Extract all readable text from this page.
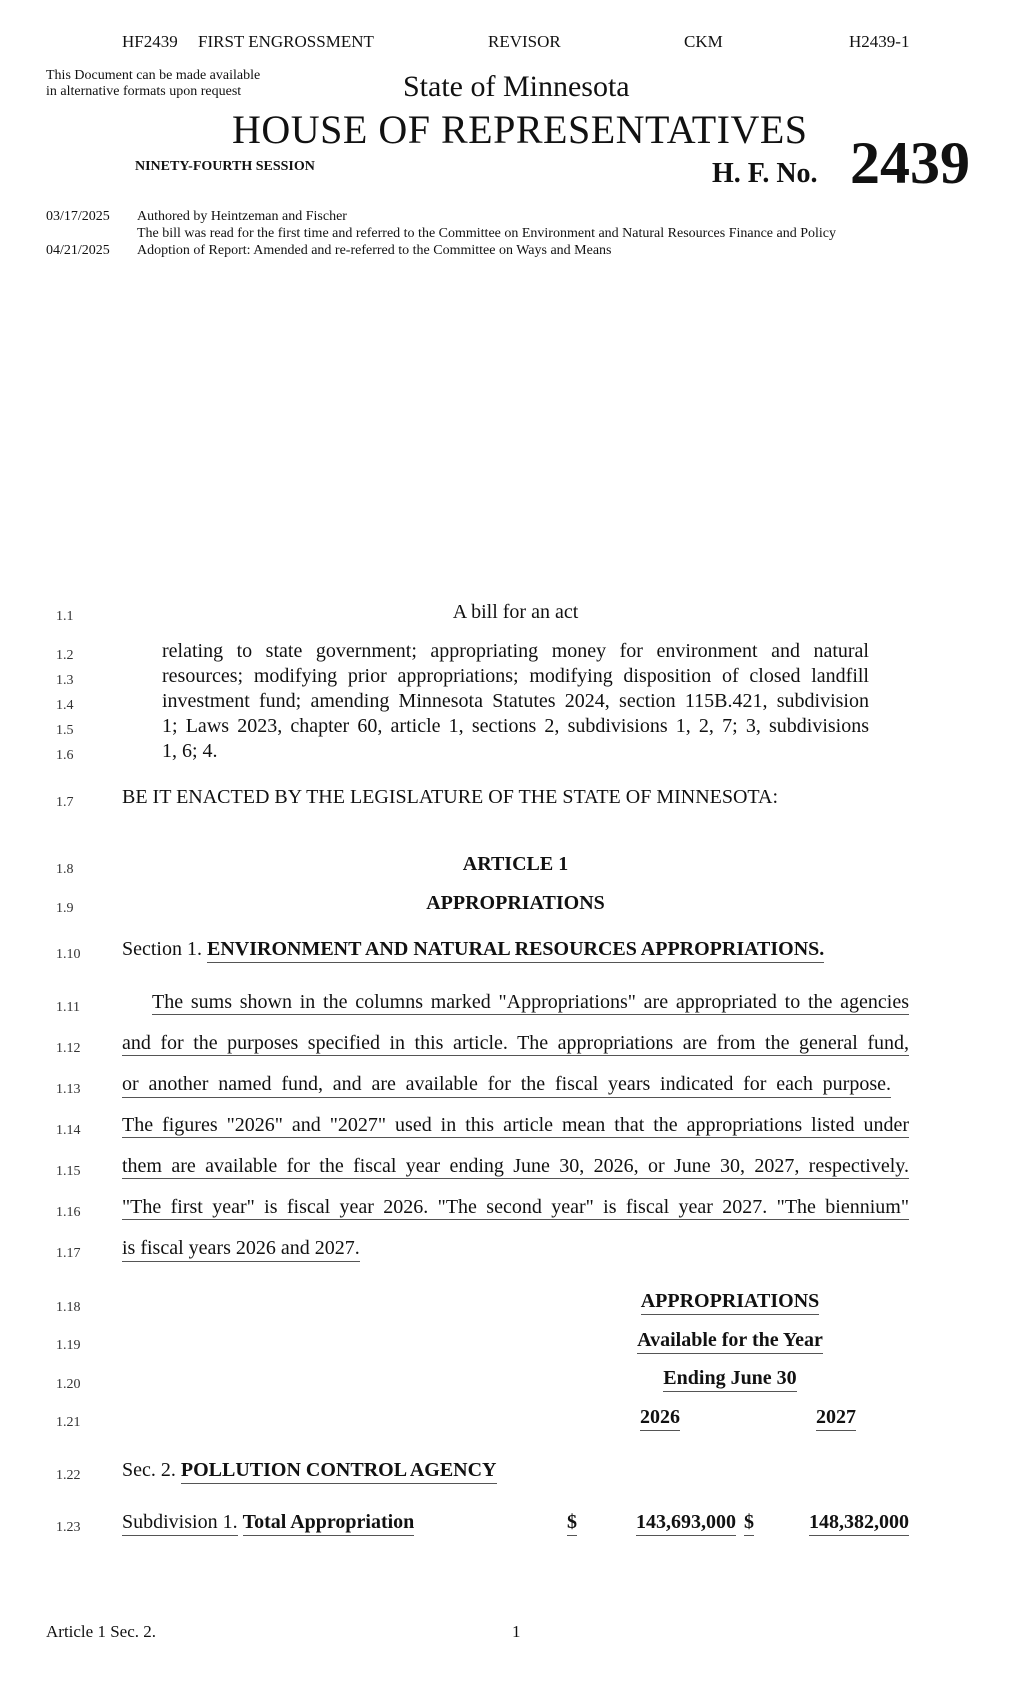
HF2439 FIRST ENGROSSMENT	REVISOR	CKM	H2439-1
This Document can be made available
in alternative formats upon request	State of Minnesota
HOUSE OF REPRESENTATIVES
NINETY-FOURTH SESSION	H. F. No. 2439
03/17/2025 Authored by Heintzeman and Fischer
The bill was read for the first time and referred to the Committee on Environment and Natural Resources Finance and Policy
04/21/2025 Adoption of Report: Amended and re-referred to the Committee on Ways and Means
1.1
1.2
1.3
1.4
1.5
1.6
1.7
1.8
1.9
1.10
1.11
1.12
1.13
1.14
1.15
1.16
1.17
1.18
1.19
1.20
1.21
1.22
1.23
A bill for an act
relating to state government; appropriating money for environment and natural
resources; modifying prior appropriations; modifying disposition of closed landfill
investment fund; amending Minnesota Statutes 2024, section 115B.421, subdivision
1; Laws 2023, chapter 60, article 1, sections 2, subdivisions 1, 2, 7; 3, subdivisions
1, 6; 4.
BE IT ENACTED BY THE LEGISLATURE OF THE STATE OF MINNESOTA:
ARTICLE 1
APPROPRIATIONS
Section 1. ENVIRONMENT AND NATURAL RESOURCES APPROPRIATIONS.
The sums shown in the columns marked "Appropriations" are appropriated to the agencies
and for the purposes specified in this article. The appropriations are from the general fund,
or another named fund, and are available for the fiscal years indicated for each purpose.
The figures "2026" and "2027" used in this article mean that the appropriations listed under
them are available for the fiscal year ending June 30, 2026, or June 30, 2027, respectively.
"The first year" is fiscal year 2026. "The second year" is fiscal year 2027. "The biennium"
is fiscal years 2026 and 2027.
APPROPRIATIONS
Available for the Year
Ending June 30
2026	2027
Sec. 2. POLLUTION CONTROL AGENCY
Subdivision 1. Total Appropriation	$	143,693,000 $	148,382,000
Article 1 Sec. 2.	1
